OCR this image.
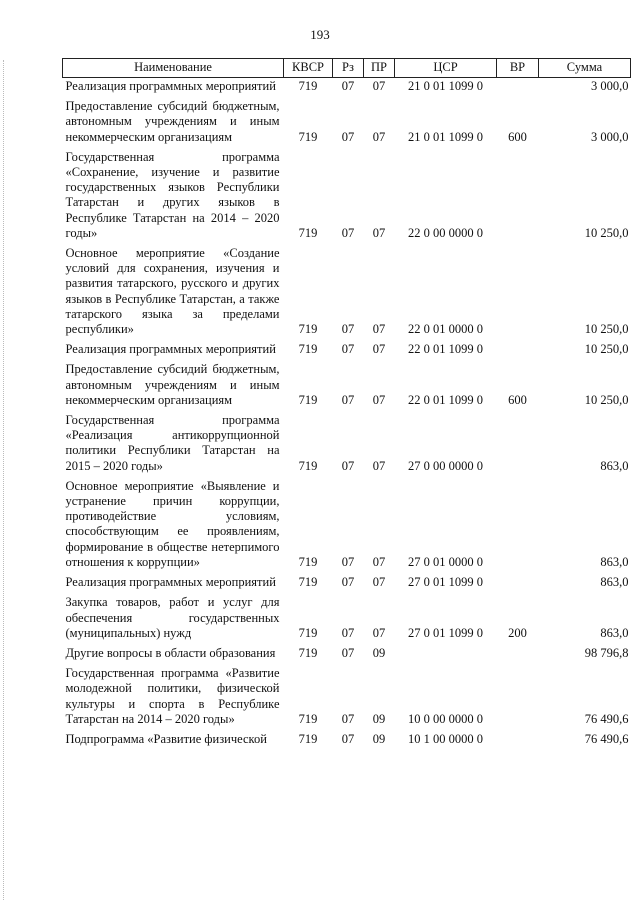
193
Наименование	КВСР	Рз	ПР	ЦСР	ВР	Сумма

Реализация программных мероприятий	719	07	07	21 0 01 1099 0		3 000,0

Предоставление субсидий бюджетным, автономным учреждениям и иным некоммерческим организациям	719	07	07	21 0 01 1099 0	600	3 000,0

Государственная программа «Сохранение, изучение и развитие государственных языков Республики Татарстан и других языков в Республике Татарстан на 2014 – 2020 годы»	719	07	07	22 0 00 0000 0		10 250,0

Основное мероприятие «Создание условий для сохранения, изучения и развития татарского, русского и других языков в Республике Татарстан, а также татарского языка за пределами республики»	719	07	07	22 0 01 0000 0		10 250,0

Реализация программных мероприятий	719	07	07	22 0 01 1099 0		10 250,0

Предоставление субсидий бюджетным, автономным учреждениям и иным некоммерческим организациям	719	07	07	22 0 01 1099 0	600	10 250,0

Государственная программа «Реализация антикоррупционной политики Республики Татарстан на 2015 – 2020 годы»	719	07	07	27 0 00 0000 0		863,0

Основное мероприятие «Выявление и устранение причин коррупции, противодействие условиям, способствующим ее проявлениям, формирование в обществе нетерпимого отношения к коррупции»	719	07	07	27 0 01 0000 0		863,0

Реализация программных мероприятий	719	07	07	27 0 01 1099 0		863,0

Закупка товаров, работ и услуг для обеспечения государственных (муниципальных) нужд	719	07	07	27 0 01 1099 0	200	863,0

Другие вопросы в области образования	719	07	09			98 796,8

Государственная программа «Развитие молодежной политики, физической культуры и спорта в Республике Татарстан на 2014 – 2020 годы»	719	07	09	10 0 00 0000 0		76 490,6

Подпрограмма «Развитие физической	719	07	09	10 1 00 0000 0		76 490,6
